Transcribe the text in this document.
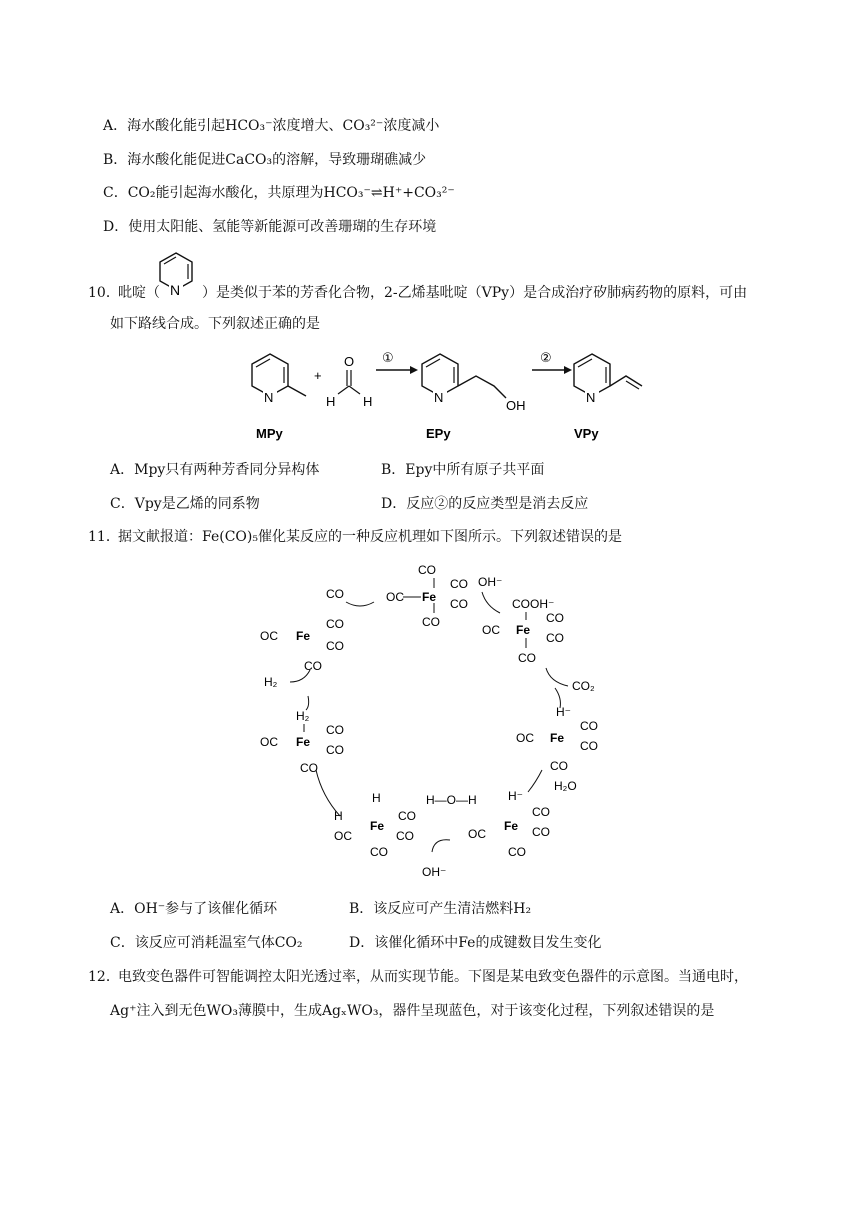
A．海水酸化能引起HCO₃⁻浓度增大、CO₃²⁻浓度减小
B．海水酸化能促进CaCO₃的溶解，导致珊瑚礁减少
C．CO₂能引起海水酸化，共原理为HCO₃⁻⇌H⁺+CO₃²⁻
D．使用太阳能、氢能等新能源可改善珊瑚的生存环境
10．
吡啶（ N ）是类似于苯的芳香化合物，2-乙烯基吡啶（VPy）是合成治疗矽肺病药物的原料，可由
如下路线合成。下列叙述正确的是
N
MPy
+
O
H H
①
N
OH
EPy
②
N
VPy
A．Mpy只有两种芳香同分异构体	B．Epy中所有原子共平面
C．Vpy是乙烯的同系物	D．反应②的反应类型是消去反应
11．
据文献报道：Fe(CO)₅催化某反应的一种反应机理如下图所示。下列叙述错误的是
CO
OC Fe
CO
CO
CO
OH⁻
COOH⁻
OC Fe
CO
CO
CO
CO₂
H⁻
OC Fe
CO
CO
CO
H₂O
H⁻
OC
Fe
CO
CO
CO
H—O—H
OH⁻
H
H
Fe
CO
CO
OC
CO
H₂
OC Fe
CO
CO
CO
H₂
CO
OC Fe
CO
CO
CO
A．OH⁻参与了该催化循环	B．该反应可产生清洁燃料H₂
C．该反应可消耗温室气体CO₂	D．该催化循环中Fe的成键数目发生变化
12．
电致变色器件可智能调控太阳光透过率，从而实现节能。下图是某电致变色器件的示意图。当通电时，
Ag⁺注入到无色WO₃薄膜中，生成AgₓWO₃，器件呈现蓝色，对于该变化过程，下列叙述错误的是
